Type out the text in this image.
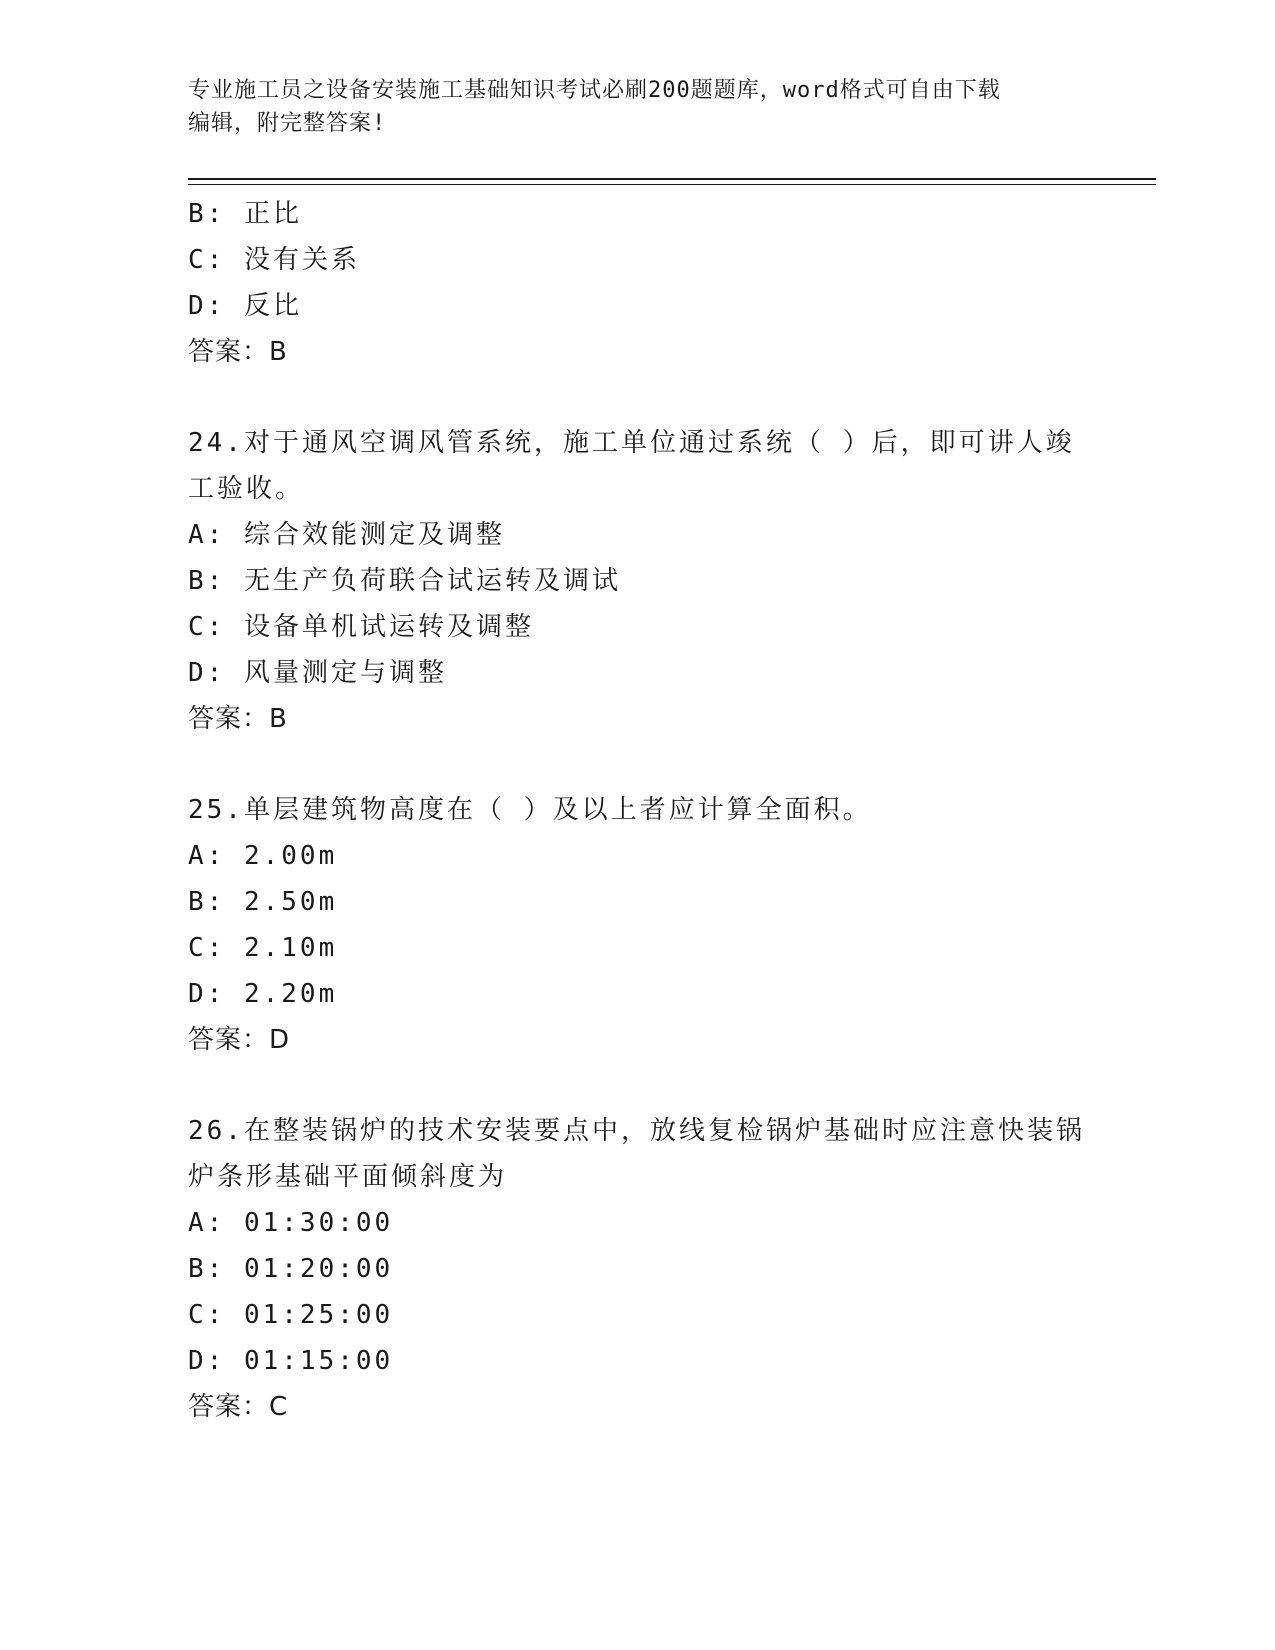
专业施工员之设备安装施工基础知识考试必刷200题题库，word格式可自由下载
编辑，附完整答案!
B: 正比
C: 没有关系
D: 反比
答案：B
24.对于通风空调风管系统，施工单位通过系统（ ）后，即可讲人竣
工验收。
A: 综合效能测定及调整
B: 无生产负荷联合试运转及调试
C: 设备单机试运转及调整
D: 风量测定与调整
答案：B
25.单层建筑物高度在（ ）及以上者应计算全面积。
A: 2.00m
B: 2.50m
C: 2.10m
D: 2.20m
答案：D
26.在整装锅炉的技术安装要点中，放线复检锅炉基础时应注意快装锅
炉条形基础平面倾斜度为
A: 01:30:00
B: 01:20:00
C: 01:25:00
D: 01:15:00
答案：C
